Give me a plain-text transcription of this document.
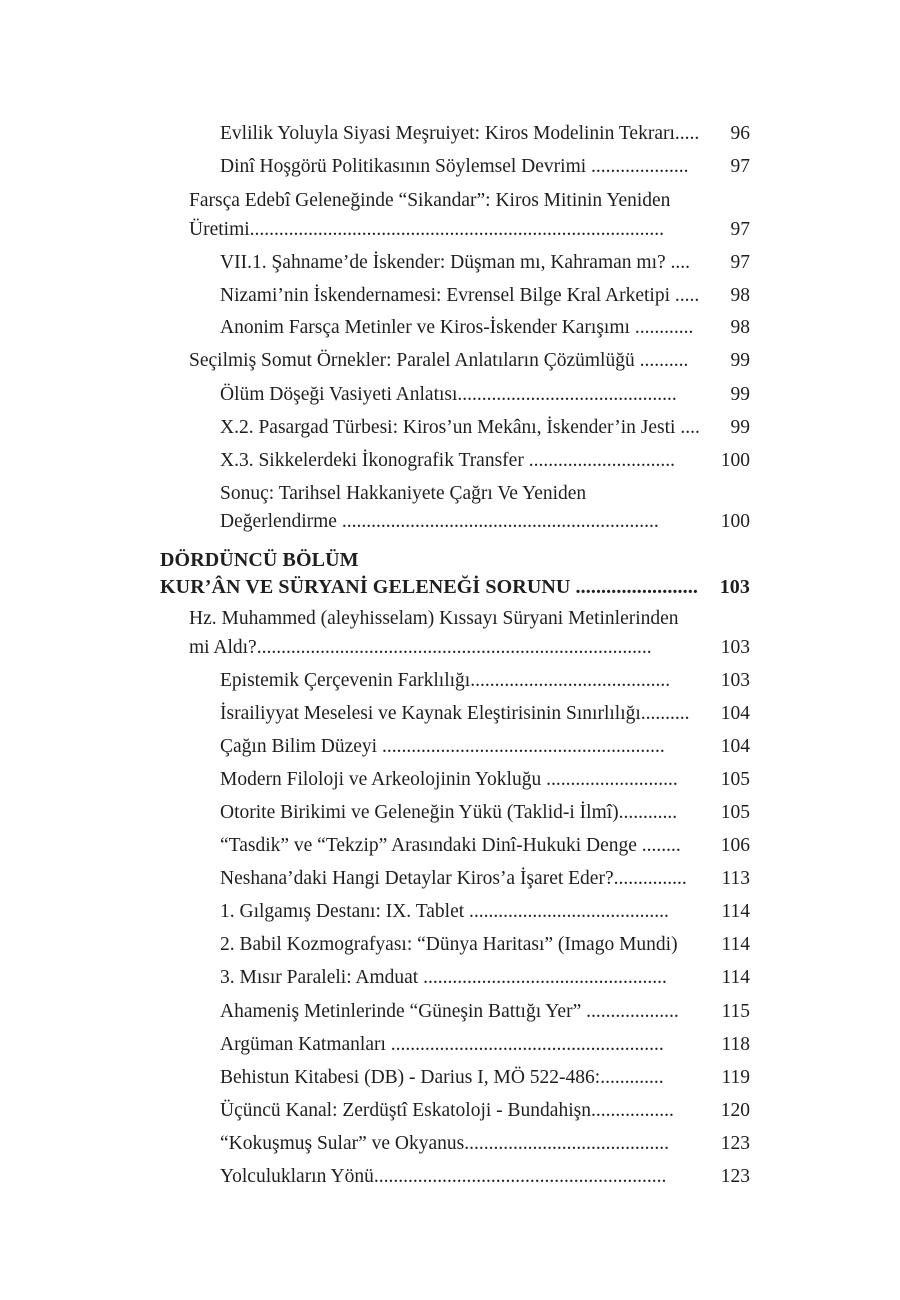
Evlilik Yoluyla Siyasi Meşruiyet: Kiros Modelinin Tekrarı..... 96
Dinî Hoşgörü Politikasının Söylemsel Devrimi .................... 97
Farsça Edebî Geleneğinde “Sikandar”: Kiros Mitinin Yeniden
Üretimi.....................................................................................	97
VII.1. Şahname’de İskender: Düşman mı, Kahraman mı? .... 97
Nizami’nin İskendernamesi: Evrensel Bilge Kral Arketipi ..... 98
Anonim Farsça Metinler ve Kiros-İskender Karışımı ............ 98
Seçilmiş Somut Örnekler: Paralel Anlatıların Çözümlüğü .......... 99
Ölüm Döşeği Vasiyeti Anlatısı.............................................	99
X.2. Pasargad Türbesi: Kiros’un Mekânı, İskender’in Jesti .... 99
X.3. Sikkelerdeki İkonografik Transfer .............................. 100
Sonuç: Tarihsel Hakkaniyete Çağrı Ve Yeniden
Değerlendirme .................................................................	100
DÖRDÜNCÜ BÖLÜM
KUR’ÂN VE SÜRYANİ GELENEĞİ SORUNU ........................ 103
Hz. Muhammed (aleyhisselam) Kıssayı Süryani Metinlerinden
mi Aldı?.................................................................................	103
Epistemik Çerçevenin Farklılığı.........................................	103
İsrailiyyat Meselesi ve Kaynak Eleştirisinin Sınırlılığı.......... 104
Çağın Bilim Düzeyi ..........................................................	104
Modern Filoloji ve Arkeolojinin Yokluğu ........................... 105
Otorite Birikimi ve Geleneğin Yükü (Taklid-i İlmî)............ 105
“Tasdik” ve “Tekzip” Arasındaki Dinî-Hukuki Denge ........ 106
Neshana’daki Hangi Detaylar Kiros’a İşaret Eder?............... 113
1. Gılgamış Destanı: IX. Tablet .........................................	114
2. Babil Kozmografyası: “Dünya Haritası” (Imago Mundi) 114
3. Mısır Paraleli: Amduat ..................................................	114
Ahameniş Metinlerinde “Güneşin Battığı Yer” ................... 115
Argüman Katmanları ........................................................	118
Behistun Kitabesi (DB) - Darius I, MÖ 522-486:.............	119
Üçüncü Kanal: Zerdüştî Eskatoloji - Bundahişn................. 120
“Kokuşmuş Sular” ve Okyanus..........................................	123
Yolculukların Yönü............................................................	123
